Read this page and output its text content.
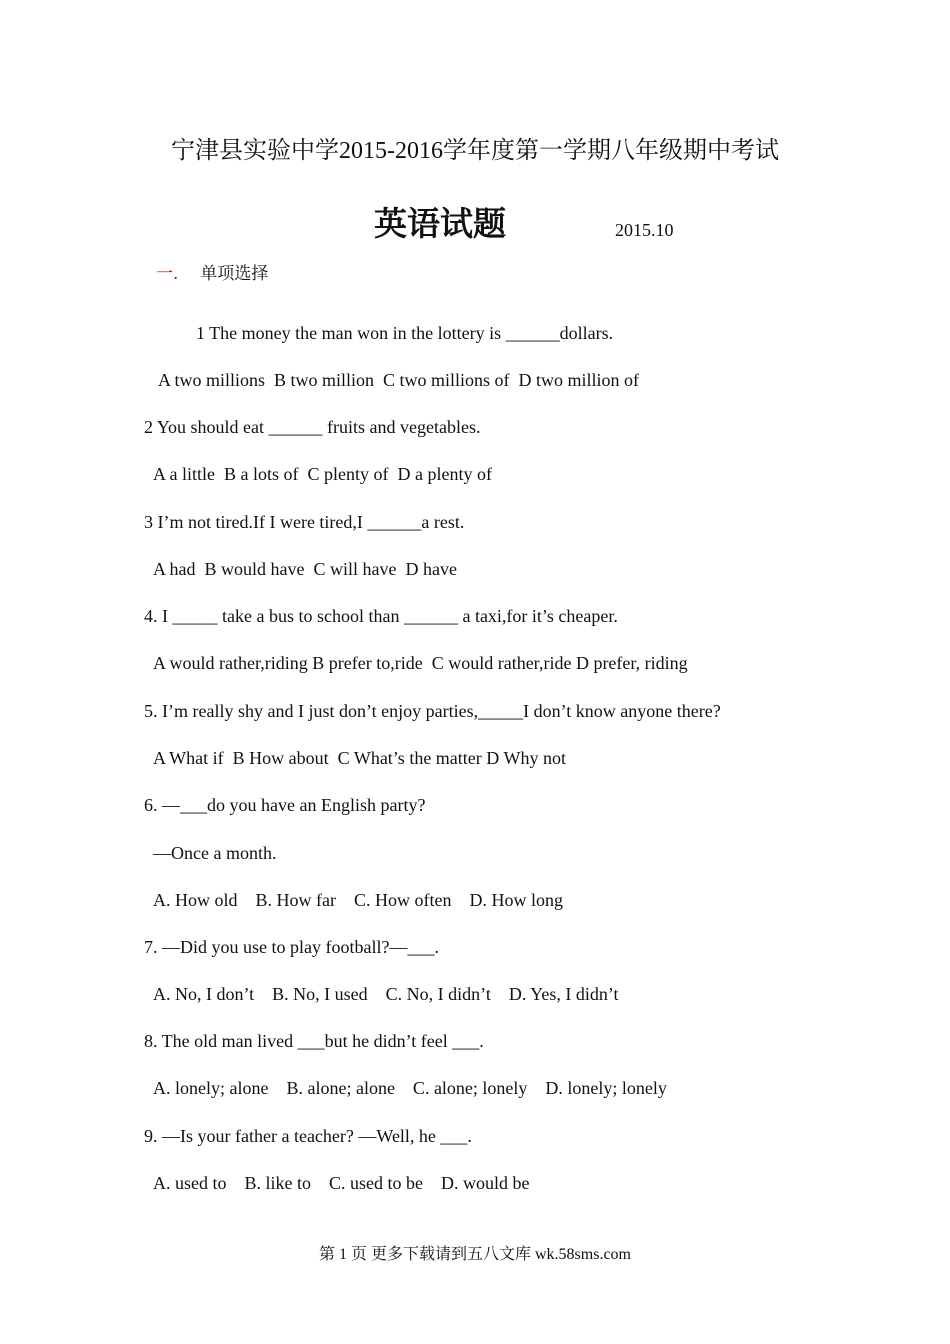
宁津县实验中学2015-2016学年度第一学期八年级期中考试
英语试题	2015.10
一. 单项选择
1 The money the man won in the lottery is ______dollars.
A two millions  B two million  C two millions of  D two million of
2 You should eat ______ fruits and vegetables.
A a little  B a lots of  C plenty of  D a plenty of
3 I’m not tired.If I were tired,I ______a rest.
A had  B would have  C will have  D have
4. I _____ take a bus to school than ______ a taxi,for it’s cheaper.
A would rather,riding B prefer to,ride  C would rather,ride D prefer, riding
5. I’m really shy and I just don’t enjoy parties,_____I don’t know anyone there?
A What if  B How about  C What’s the matter D Why not
6. —___do you have an English party?
—Once a month.
A. How old    B. How far    C. How often    D. How long
7. —Did you use to play football?—___.
A. No, I don’t    B. No, I used    C. No, I didn’t    D. Yes, I didn’t
8. The old man lived ___but he didn’t feel ___.
A. lonely; alone    B. alone; alone    C. alone; lonely    D. lonely; lonely
9. —Is your father a teacher? —Well, he ___.
A. used to    B. like to    C. used to be    D. would be
第 1 页 更多下载请到五八文库 wk.58sms.com
